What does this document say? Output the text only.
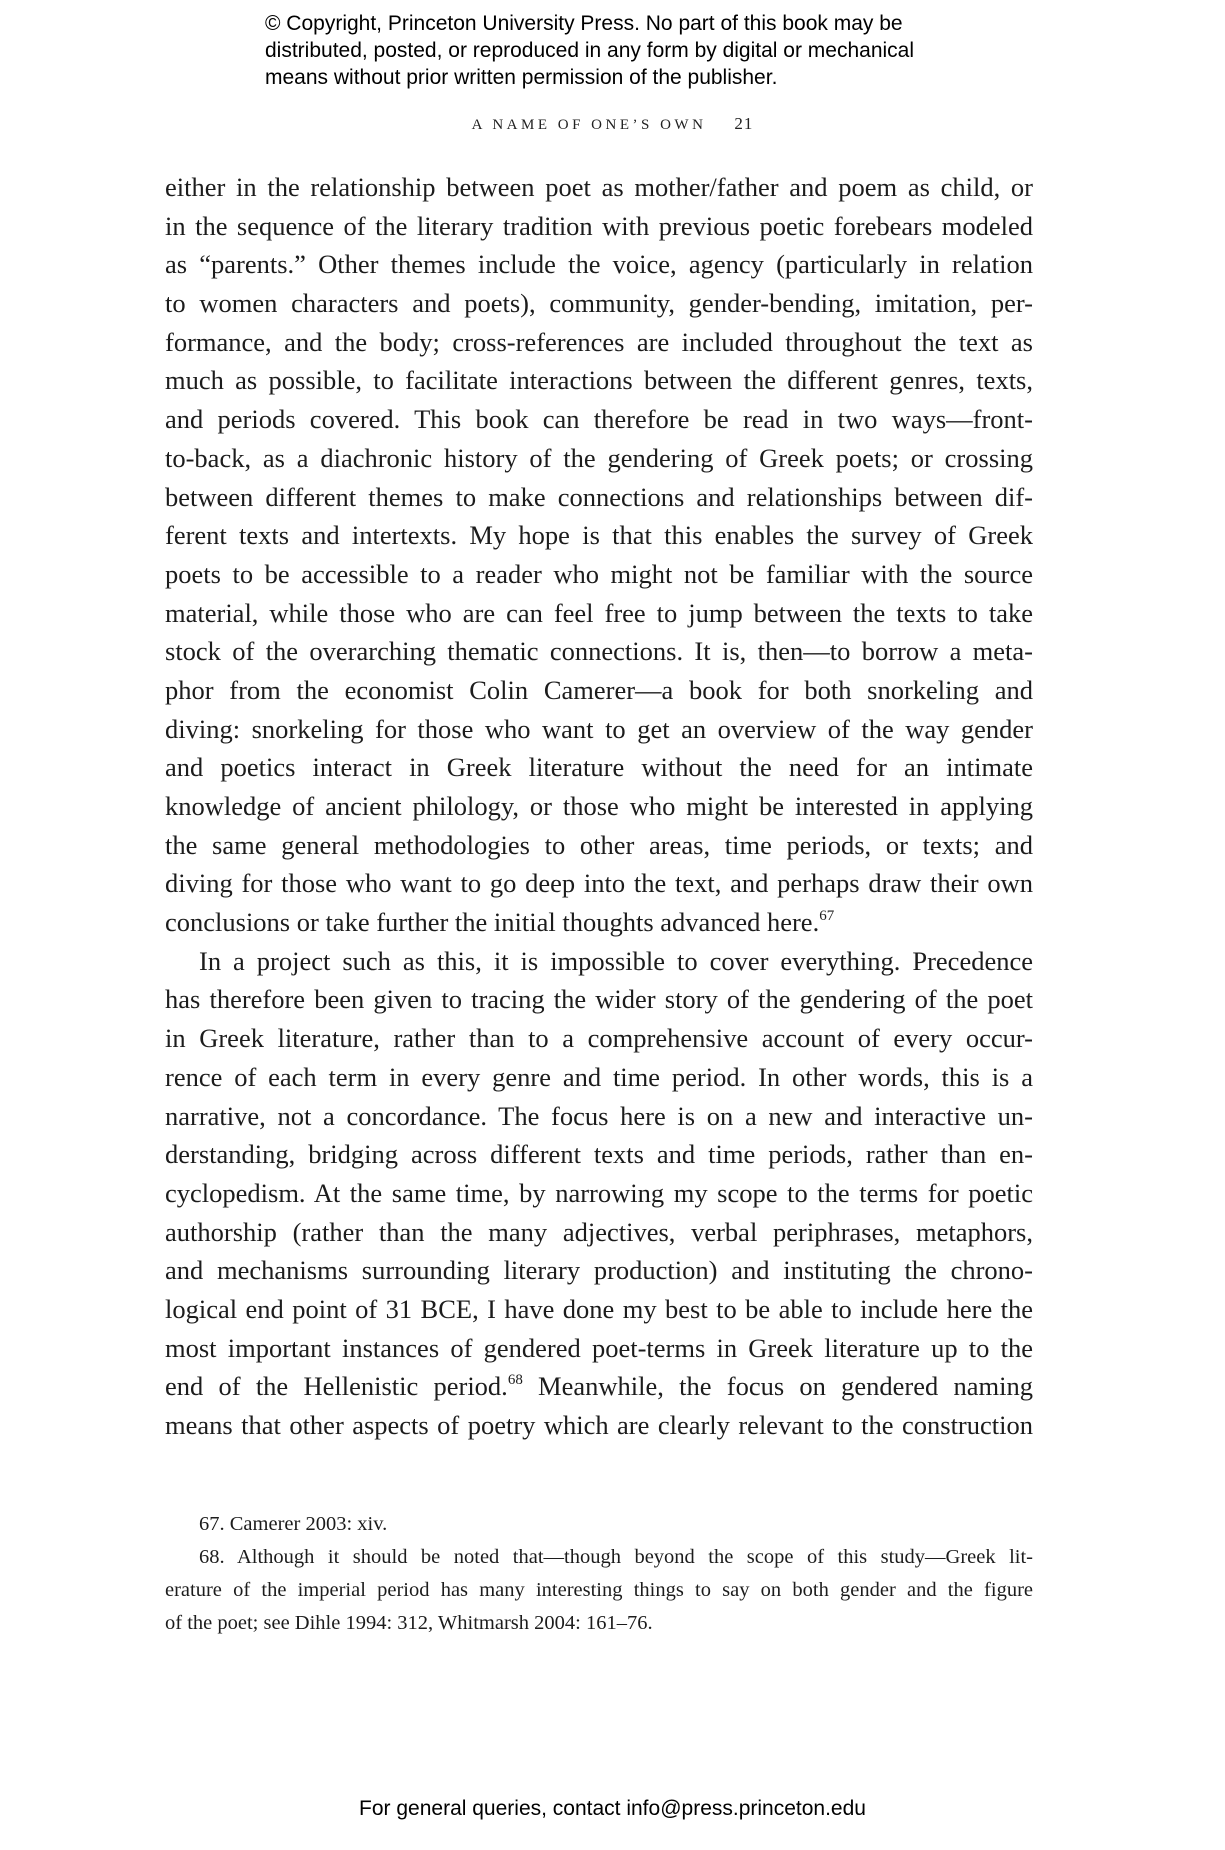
© Copyright, Princeton University Press. No part of this book may be
distributed, posted, or reproduced in any form by digital or mechanical
means without prior written permission of the publisher.
A NAME OF ONE’S OWN 21
either in the relationship between poet as mother/father and poem as child, or
in the sequence of the literary tradition with previous poetic forebears modeled
as “parents.” Other themes include the voice, agency (particularly in relation
to women characters and poets), community, gender-bending, imitation, per-
formance, and the body; cross-references are included throughout the text as
much as possible, to facilitate interactions between the different genres, texts,
and periods covered. This book can therefore be read in two ways—front-
to-back, as a diachronic history of the gendering of Greek poets; or crossing
between different themes to make connections and relationships between dif-
ferent texts and intertexts. My hope is that this enables the survey of Greek
poets to be accessible to a reader who might not be familiar with the source
material, while those who are can feel free to jump between the texts to take
stock of the overarching thematic connections. It is, then—to borrow a meta-
phor from the economist Colin Camerer—a book for both snorkeling and
diving: snorkeling for those who want to get an overview of the way gender
and poetics interact in Greek literature without the need for an intimate
knowledge of ancient philology, or those who might be interested in applying
the same general methodologies to other areas, time periods, or texts; and
diving for those who want to go deep into the text, and perhaps draw their own
conclusions or take further the initial thoughts advanced here.$^{67}$
In a project such as this, it is impossible to cover everything. Precedence
has therefore been given to tracing the wider story of the gendering of the poet
in Greek literature, rather than to a comprehensive account of every occur-
rence of each term in every genre and time period. In other words, this is a
narrative, not a concordance. The focus here is on a new and interactive un-
derstanding, bridging across different texts and time periods, rather than en-
cyclopedism. At the same time, by narrowing my scope to the terms for poetic
authorship (rather than the many adjectives, verbal periphrases, metaphors,
and mechanisms surrounding literary production) and instituting the chrono-
logical end point of 31 BCE, I have done my best to be able to include here the
most important instances of gendered poet-terms in Greek literature up to the
end of the Hellenistic period.$^{68}$ Meanwhile, the focus on gendered naming
means that other aspects of poetry which are clearly relevant to the construction
67. Camerer 2003: xiv.
68. Although it should be noted that—though beyond the scope of this study—Greek lit-
erature of the imperial period has many interesting things to say on both gender and the figure
of the poet; see Dihle 1994: 312, Whitmarsh 2004: 161–76.
For general queries, contact info@press.princeton.edu
